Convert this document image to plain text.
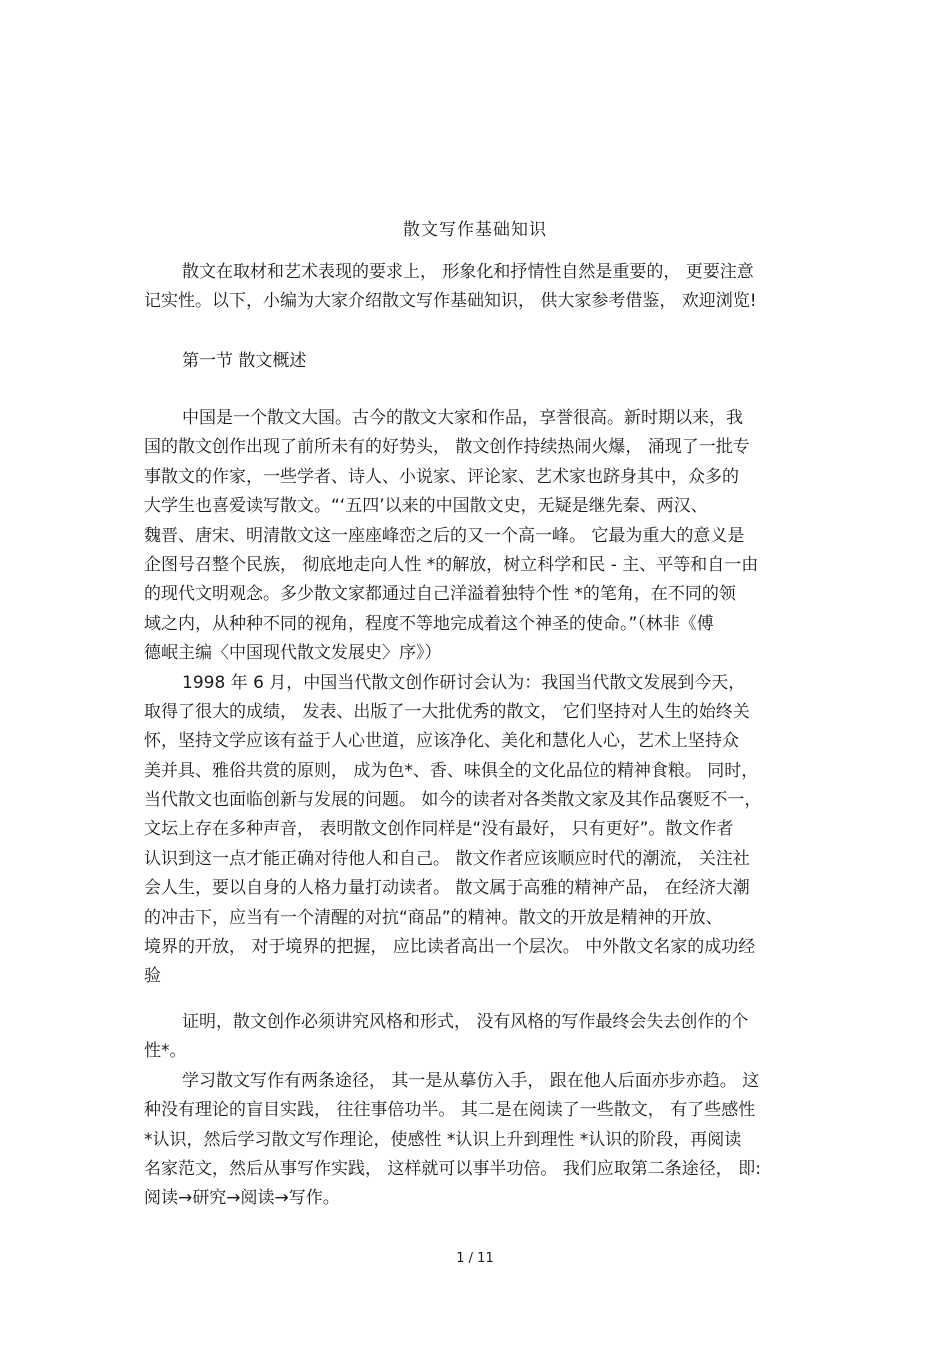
散文写作基础知识
散文在取材和艺术表现的要求上， 形象化和抒情性自然是重要的， 更要注意
记实性。以下，小编为大家介绍散文写作基础知识， 供大家参考借鉴， 欢迎浏览!
第一节 散文概述
中国是一个散文大国。古今的散文大家和作品，享誉很高。新时期以来，我
国的散文创作出现了前所未有的好势头， 散文创作持续热闹火爆， 涌现了一批专
事散文的作家，一些学者、诗人、小说家、评论家、艺术家也跻身其中，众多的
大学生也喜爱读写散文。“‘五四’以来的中国散文史，无疑是继先秦、两汉、
魏晋、唐宋、明清散文这一座座峰峦之后的又一个高一峰。 它最为重大的意义是
企图号召整个民族， 彻底地走向人性 *的解放，树立科学和民 - 主、平等和自一由
的现代文明观念。多少散文家都通过自己洋溢着独特个性 *的笔角，在不同的领
域之内，从种种不同的视角，程度不等地完成着这个神圣的使命。”（林非《傅
德岷主编〈中国现代散文发展史〉序》）
1998 年 6 月，中国当代散文创作研讨会认为：我国当代散文发展到今天，
取得了很大的成绩， 发表、出版了一大批优秀的散文， 它们坚持对人生的始终关
怀，坚持文学应该有益于人心世道，应该净化、美化和慧化人心，艺术上坚持众
美并具、雅俗共赏的原则， 成为色*、香、味俱全的文化品位的精神食粮。 同时，
当代散文也面临创新与发展的问题。 如今的读者对各类散文家及其作品褒贬不一，
文坛上存在多种声音， 表明散文创作同样是“没有最好， 只有更好”。散文作者
认识到这一点才能正确对待他人和自己。 散文作者应该顺应时代的潮流， 关注社
会人生，要以自身的人格力量打动读者。 散文属于高雅的精神产品， 在经济大潮
的冲击下，应当有一个清醒的对抗“商品”的精神。散文的开放是精神的开放、
境界的开放， 对于境界的把握， 应比读者高出一个层次。 中外散文名家的成功经
验
证明，散文创作必须讲究风格和形式， 没有风格的写作最终会失去创作的个
性*。
学习散文写作有两条途径， 其一是从摹仿入手， 跟在他人后面亦步亦趋。 这
种没有理论的盲目实践， 往往事倍功半。 其二是在阅读了一些散文， 有了些感性
*认识，然后学习散文写作理论，使感性 *认识上升到理性 *认识的阶段，再阅读
名家范文，然后从事写作实践， 这样就可以事半功倍。 我们应取第二条途径， 即:
阅读→研究→阅读→写作。
1 / 11
